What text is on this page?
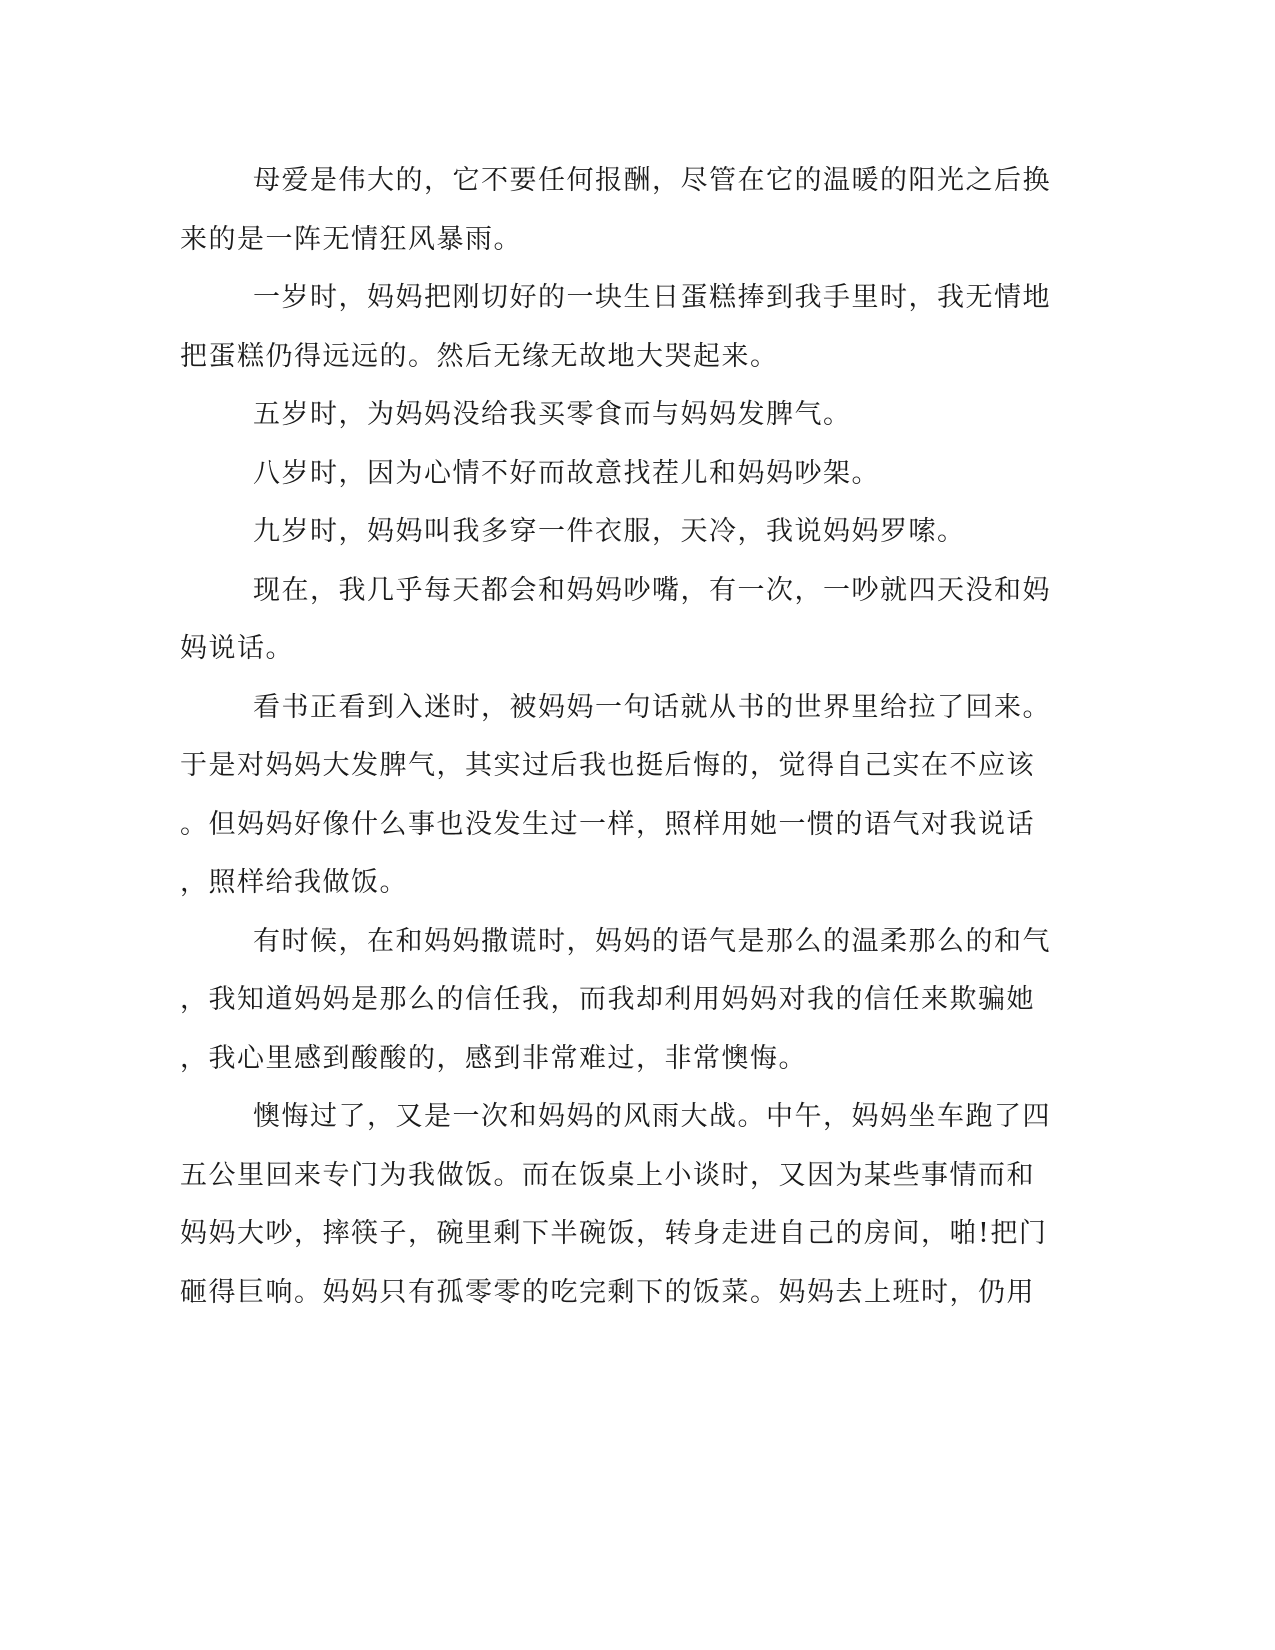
母爱是伟大的，它不要任何报酬，尽管在它的温暖的阳光之后换
来的是一阵无情狂风暴雨。

一岁时，妈妈把刚切好的一块生日蛋糕捧到我手里时，我无情地
把蛋糕仍得远远的。然后无缘无故地大哭起来。

五岁时，为妈妈没给我买零食而与妈妈发脾气。

八岁时，因为心情不好而故意找茬儿和妈妈吵架。

九岁时，妈妈叫我多穿一件衣服，天冷，我说妈妈罗嗦。

现在，我几乎每天都会和妈妈吵嘴，有一次，一吵就四天没和妈
妈说话。

看书正看到入迷时，被妈妈一句话就从书的世界里给拉了回来。
于是对妈妈大发脾气，其实过后我也挺后悔的，觉得自己实在不应该
。但妈妈好像什么事也没发生过一样，照样用她一惯的语气对我说话
，照样给我做饭。

有时候，在和妈妈撒谎时，妈妈的语气是那么的温柔那么的和气
，我知道妈妈是那么的信任我，而我却利用妈妈对我的信任来欺骗她
，我心里感到酸酸的，感到非常难过，非常懊悔。

懊悔过了，又是一次和妈妈的风雨大战。中午，妈妈坐车跑了四
五公里回来专门为我做饭。而在饭桌上小谈时，又因为某些事情而和
妈妈大吵，摔筷子，碗里剩下半碗饭，转身走进自己的房间，啪!把门
砸得巨响。妈妈只有孤零零的吃完剩下的饭菜。妈妈去上班时，仍用
